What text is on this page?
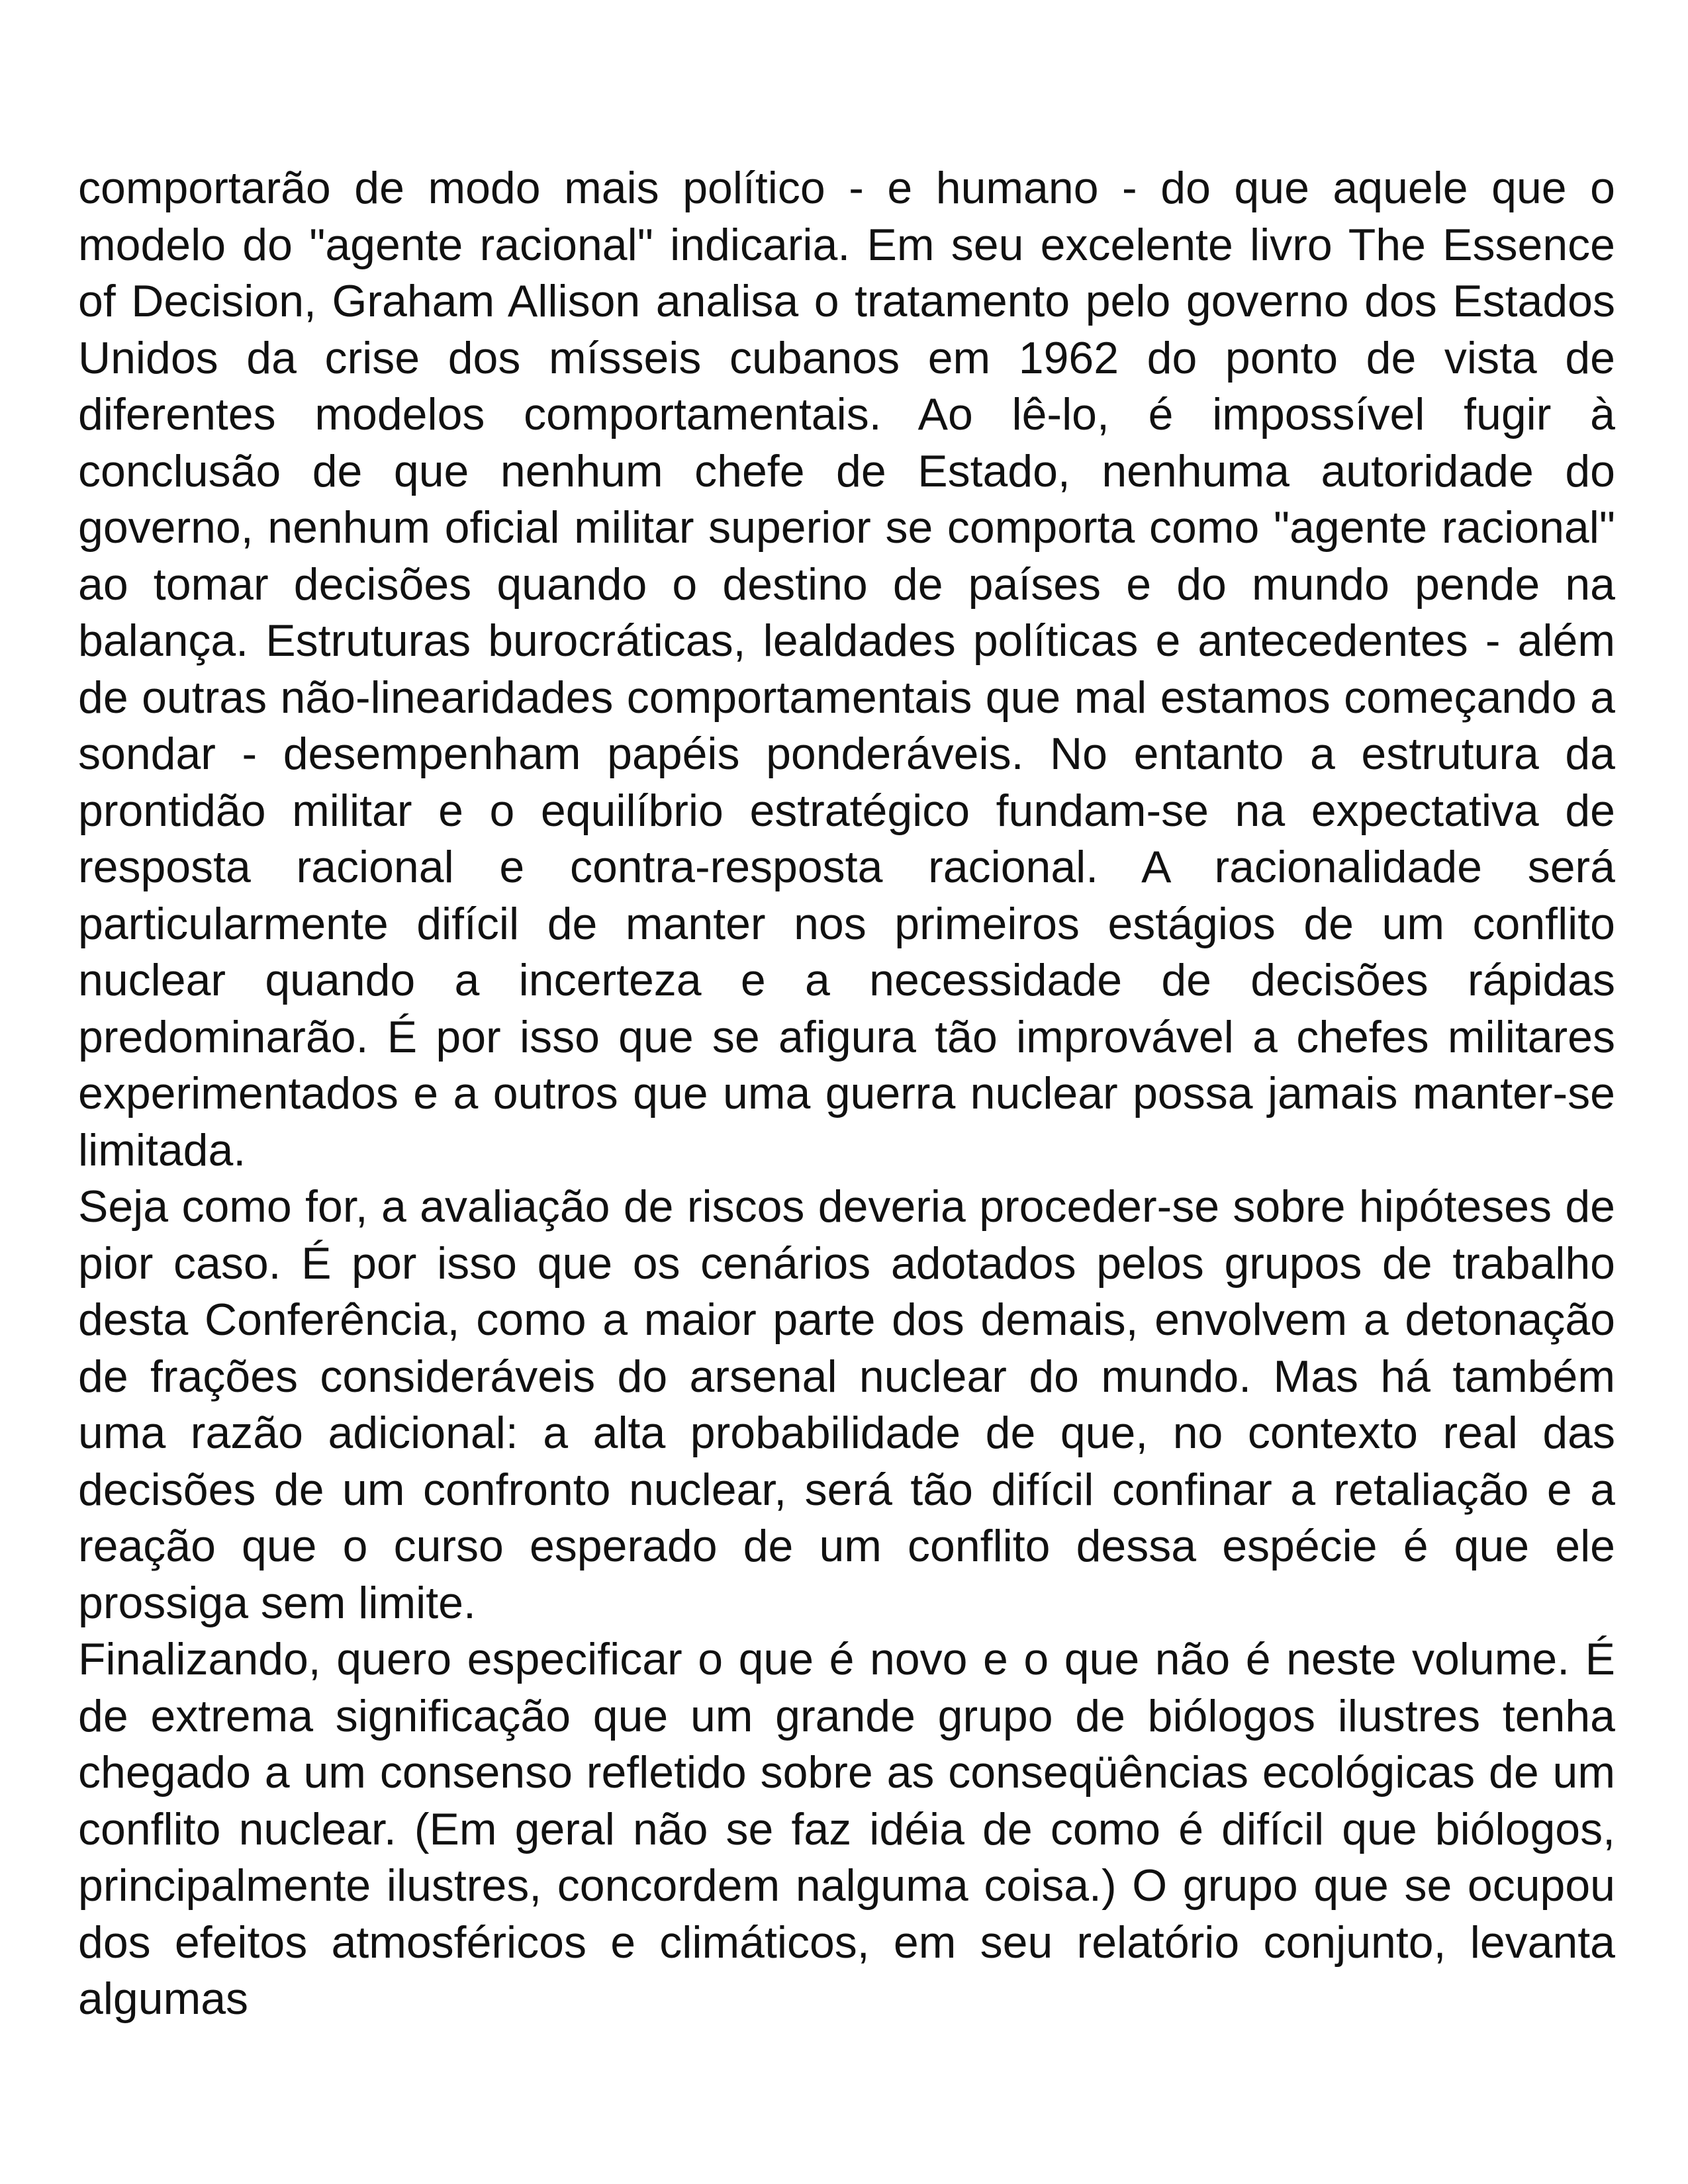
comportarão de modo mais político - e humano - do que aquele que o modelo do "agente racional" indicaria. Em seu excelente livro The Essence of Decision, Graham Allison analisa o tratamento pelo governo dos Estados Unidos da crise dos mísseis cubanos em 1962 do ponto de vista de diferentes modelos comportamentais. Ao lê-lo, é impossível fugir à conclusão de que nenhum chefe de Estado, nenhuma autoridade do governo, nenhum oficial militar superior se comporta como "agente racional" ao tomar decisões quando o destino de países e do mundo pende na balança. Estruturas burocráticas, lealdades políticas e antecedentes - além de outras não-linearidades comportamentais que mal estamos começando a sondar - desempenham papéis ponderáveis. No entanto a estrutura da prontidão militar e o equilíbrio estratégico fundam-se na expectativa de resposta racional e contra-resposta racional. A racionalidade será particularmente difícil de manter nos primeiros estágios de um conflito nuclear quando a incerteza e a necessidade de decisões rápidas predominarão. É por isso que se afigura tão improvável a chefes militares experimentados e a outros que uma guerra nuclear possa jamais manter-se limitada.

Seja como for, a avaliação de riscos deveria proceder-se sobre hipóteses de pior caso. É por isso que os cenários adotados pelos grupos de trabalho desta Conferência, como a maior parte dos demais, envolvem a detonação de frações consideráveis do arsenal nuclear do mundo. Mas há também uma razão adicional: a alta probabilidade de que, no contexto real das decisões de um confronto nuclear, será tão difícil confinar a retaliação e a reação que o curso esperado de um conflito dessa espécie é que ele prossiga sem limite.

Finalizando, quero especificar o que é novo e o que não é neste volume. É de extrema significação que um grande grupo de biólogos ilustres tenha chegado a um consenso refletido sobre as conseqüências ecológicas de um conflito nuclear. (Em geral não se faz idéia de como é difícil que biólogos, principalmente ilustres, concordem nalguma coisa.) O grupo que se ocupou dos efeitos atmosféricos e climáticos, em seu relatório conjunto, levanta algumas
